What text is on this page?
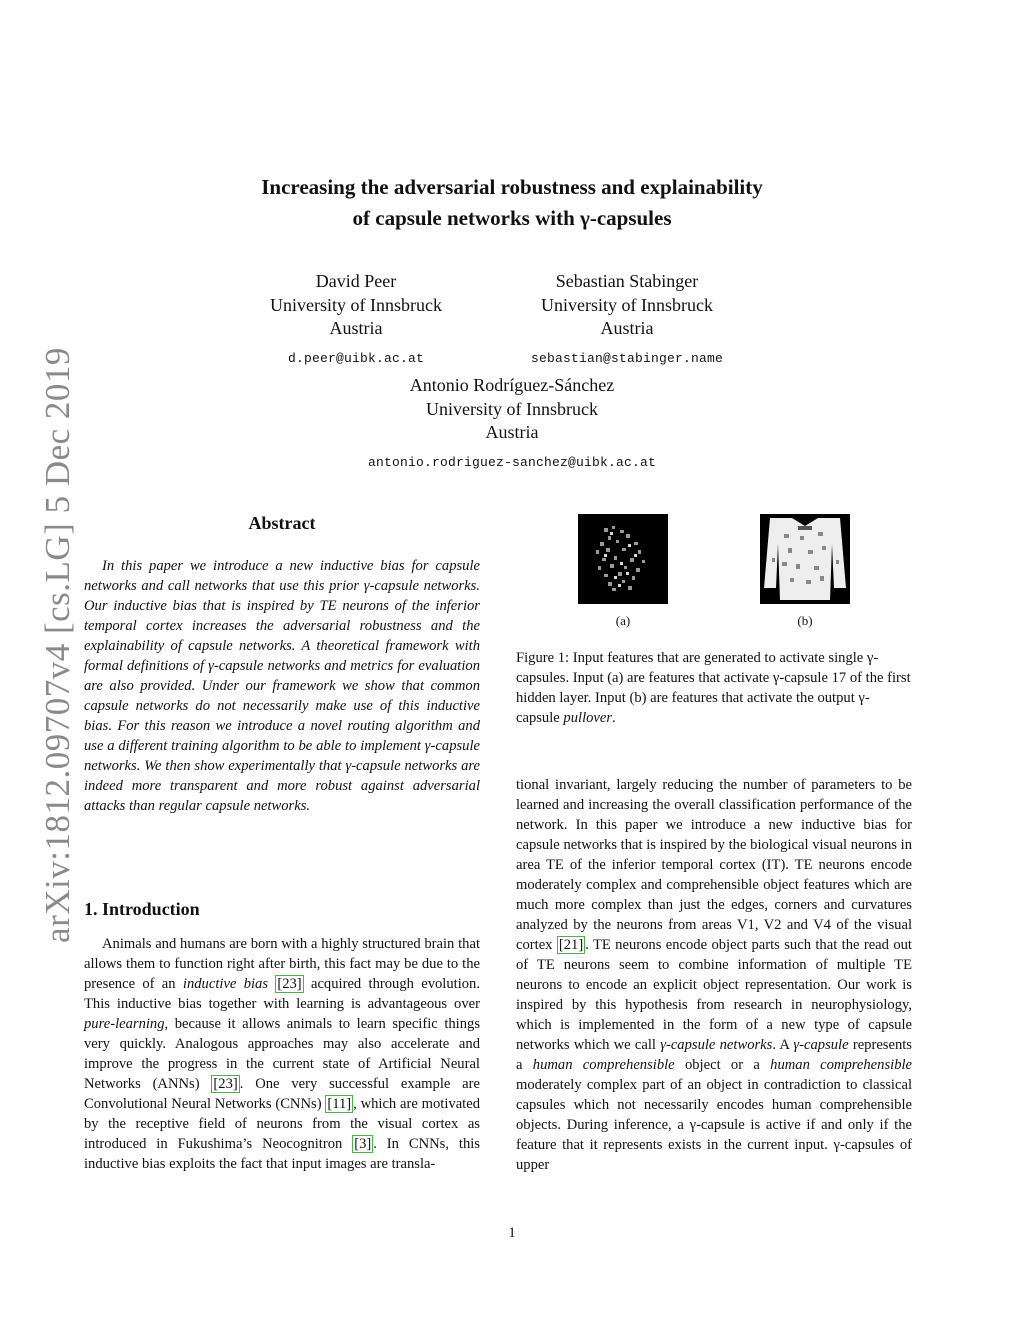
arXiv:1812.09707v4 [cs.LG] 5 Dec 2019
Increasing the adversarial robustness and explainability
of capsule networks with γ-capsules
David Peer
University of Innsbruck
Austria
d.peer@uibk.ac.at
Sebastian Stabinger
University of Innsbruck
Austria
sebastian@stabinger.name
Antonio Rodríguez-Sánchez
University of Innsbruck
Austria
antonio.rodriguez-sanchez@uibk.ac.at
Abstract
In this paper we introduce a new inductive bias for capsule networks and call networks that use this prior γ-capsule networks. Our inductive bias that is inspired by TE neurons of the inferior temporal cortex increases the adversarial robustness and the explainability of capsule networks. A theoretical framework with formal definitions of γ-capsule networks and metrics for evaluation are also provided. Under our framework we show that common capsule networks do not necessarily make use of this inductive bias. For this reason we introduce a novel routing algorithm and use a different training algorithm to be able to implement γ-capsule networks. We then show experimentally that γ-capsule networks are indeed more transparent and more robust against adversarial attacks than regular capsule networks.
1. Introduction

Animals and humans are born with a highly structured brain that allows them to function right after birth, this fact may be due to the presence of an inductive bias [23] acquired through evolution. This inductive bias together with learning is advantageous over pure-learning, because it allows animals to learn specific things very quickly. Analogous approaches may also accelerate and improve the progress in the current state of Artificial Neural Networks (ANNs) [23] . One very successful example are Convolutional Neural Networks (CNNs) [11] , which are motivated by the receptive field of neurons from the visual cortex as introduced in Fukushima’s Neocognitron [3] . In CNNs, this inductive bias exploits the fact that input images are transla-

(a)	(b)
Figure 1: Input features that are generated to activate single γ-capsules. Input (a) are features that activate γ-capsule 17 of the first hidden layer. Input (b) are features that activate the output γ-capsule pullover.
tional invariant, largely reducing the number of parameters to be learned and increasing the overall classification performance of the network. In this paper we introduce a new inductive bias for capsule networks that is inspired by the biological visual neurons in area TE of the inferior temporal cortex (IT). TE neurons encode moderately complex and comprehensible object features which are much more complex than just the edges, corners and curvatures analyzed by the neurons from areas V1, V2 and V4 of the visual cortex [21] . TE neurons encode object parts such that the read out of TE neurons seem to combine information of multiple TE neurons to encode an explicit object representation. Our work is inspired by this hypothesis from research in neurophysiology, which is implemented in the form of a new type of capsule networks which we call γ-capsule networks. A γ-capsule represents a human comprehensible object or a human comprehensible moderately complex part of an object in contradiction to classical capsules which not necessarily encodes human comprehensible objects. During inference, a γ-capsule is active if and only if the feature that it represents exists in the current input. γ-capsules of upper
1
